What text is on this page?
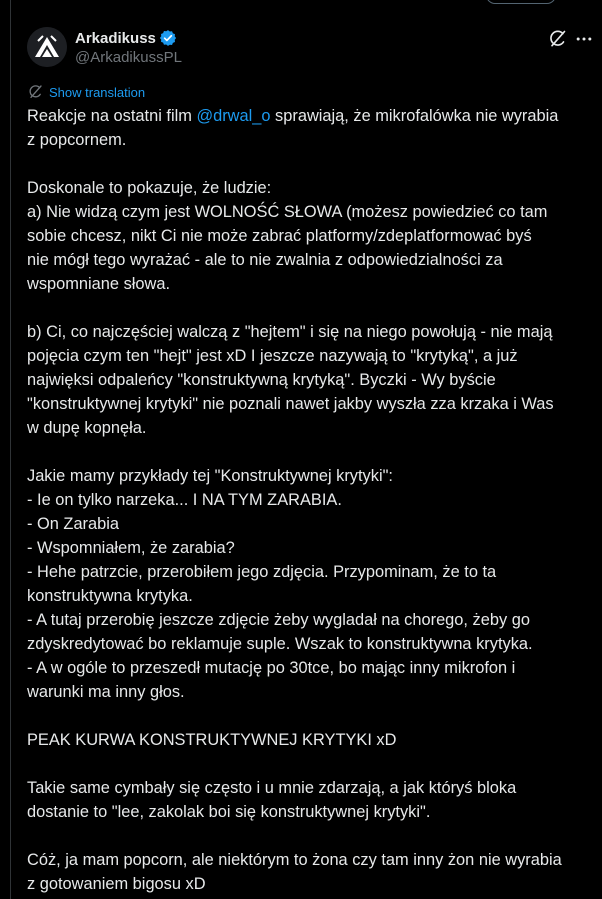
Arkadikuss
@ArkadikussPL
Show translation

Reakcje na ostatni film @drwal_o sprawiają, że mikrofalówka nie wyrabia

z popcornem.

Doskonale to pokazuje, że ludzie:

a) Nie widzą czym jest WOLNOŚĆ SŁOWA (możesz powiedzieć co tam

sobie chcesz, nikt Ci nie może zabrać platformy/zdeplatformować byś

nie mógł tego wyrażać - ale to nie zwalnia z odpowiedzialności za

wspomniane słowa.

b) Ci, co najczęściej walczą z "hejtem" i się na niego powołują - nie mają

pojęcia czym ten "hejt" jest xD I jeszcze nazywają to "krytyką", a już

najwięksi odpaleńcy "konstruktywną krytyką". Byczki - Wy byście

"konstruktywnej krytyki" nie poznali nawet jakby wyszła zza krzaka i Was

w dupę kopnęła.

Jakie mamy przykłady tej "Konstruktywnej krytyki":

- Ie on tylko narzeka... I NA TYM ZARABIA.

- On Zarabia

- Wspomniałem, że zarabia?

- Hehe patrzcie, przerobiłem jego zdjęcia. Przypominam, że to ta

konstruktywna krytyka.

- A tutaj przerobię jeszcze zdjęcie żeby wygladał na chorego, żeby go

zdyskredytować bo reklamuje suple. Wszak to konstruktywna krytyka.

- A w ogóle to przeszedł mutację po 30tce, bo mając inny mikrofon i

warunki ma inny głos.

PEAK KURWA KONSTRUKTYWNEJ KRYTYKI xD

Takie same cymbały się często i u mnie zdarzają, a jak któryś bloka

dostanie to "lee, zakolak boi się konstruktywnej krytyki".

Cóż, ja mam popcorn, ale niektórym to żona czy tam inny żon nie wyrabia

z gotowaniem bigosu xD
